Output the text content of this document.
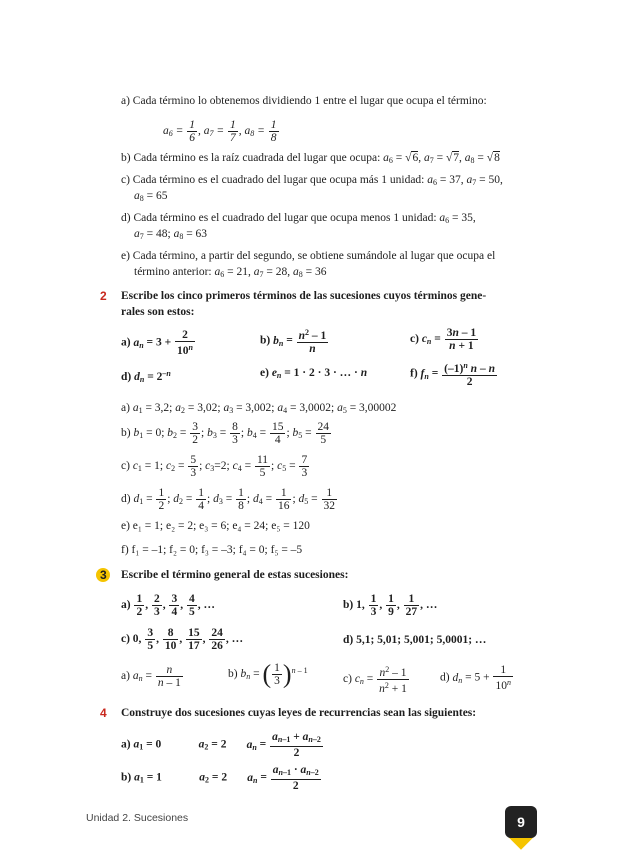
a) Cada término lo obtenemos dividiendo 1 entre el lugar que ocupa el término:
$a_6 = \frac{1}{6}$ , $a_7 = \frac{1}{7}$ , $a_8 = \frac{1}{8}$
b) Cada término es la raíz cuadrada del lugar que ocupa: $a_6 = √6$, $a_7 = √7$, $a_8 = √8$
c) Cada término es el cuadrado del lugar que ocupa más 1 unidad: $a_6 = 37$, $a_7 = 50$,
$a_8 = 65$
d) Cada término es el cuadrado del lugar que ocupa menos 1 unidad: $a_6 = 35$,
$a_7 = 48$; $a_8 = 63$
e) Cada término, a partir del segundo, se obtiene sumándole al lugar que ocupa el
término anterior: $a_6 = 21$, $a_7 = 28$, $a_8 = 36$
2 Escribe los cinco primeros términos de las sucesiones cuyos términos gene-
rales son estos:
a) $a_n = 3 + \frac{2}{10^n}$	b) $b_n = \frac{n^2 - 1}{n}$	c) $c_n = \frac{3n - 1}{n + 1}$
d) $d_n = 2^{-n}$	e) $e_n = 1 \cdot 2 \cdot 3$ · … · n	f) $f_n = \frac{(-1)^n n - n}{2}$
a) $a_1 = 3,2$; $a_2 = 3,02$; $a_3 = 3,002$; $a_4 = 3,0002$; $a_5 = 3,00002$
b) $b_1 = 0$; $b_2 = \frac{3}{2}$ ; $b_3 = \frac{8}{3}$ ; $b_4 = \frac{15}{4}$ ; $b_5 = \frac{24}{5}$
c) $c_1 = 1$; $c_2 = \frac{5}{3}$ ; $c_3=2$; $c_4 = \frac{11}{5}$ ; $c_5 = \frac{7}{3}$
d) $d_1 = \frac{1}{2}$ ; $d_2 = \frac{1}{4}$ ; $d_3 = \frac{1}{8}$ ; $d_4 = \frac{1}{16}$ ; $d_5 = \frac{1}{32}$
e) e₁ = 1; e₂ = 2; e₃ = 6; e₄ = 24; e₅ = 120
f) f₁ = –1; f₂ = 0; f₃ = –3; f₄ = 0; f₅ = –5
3 Escribe el término general de estas sucesiones:
$a) \frac{1}{2}$ , $\frac{2}{3}$ , $\frac{3}{4}$ , $\frac{4}{5}$ , …	b) 1, $\frac{1}{3}$ , $\frac{1}{9}$ , $\frac{1}{27}$ , …
c) 0, $\frac{3}{5}$ , $\frac{8}{10}$ , $\frac{15}{17}$ , $\frac{24}{26}$ , …	d) 5,1; 5,01; 5,001; 5,0001; …
a) $a_n = \frac{n}{n - 1}$	b) $b_n$ = ( $\frac{1}{3} )^{n - 1}$
c) $c_n = \frac{n^2 - 1}{n^2 + 1}$	d) $d_n = 5 + \frac{1}{10^n}$
4 Construye dos sucesiones cuyas leyes de recurrencias sean las siguientes:
a) $a_1 = 0$             $a_2 = 2$       $a_n = \frac{a_{n-1} + a_{n-2}}{2}$
b) $a_1 = 1$             $a_2 = 2$       $a_n = \frac{a_{n-1} \cdot a_{n-2}}{2}$
Unidad 2. Sucesiones	9
